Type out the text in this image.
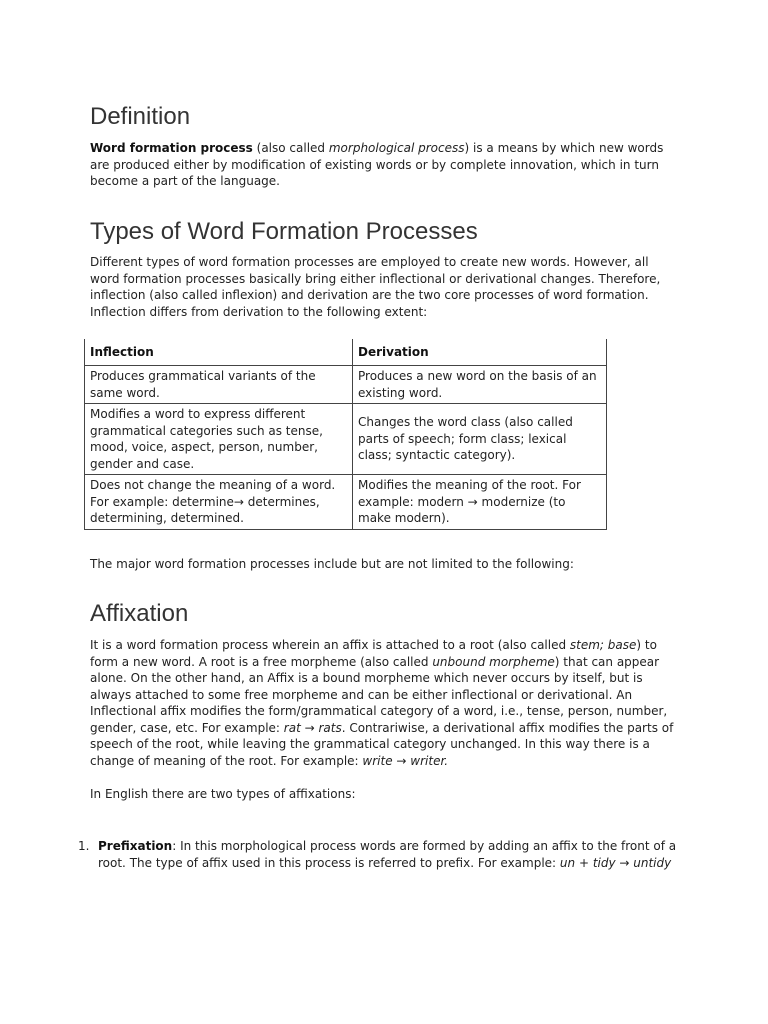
Definition

Word formation process (also called morphological process) is a means by which new words are produced either by modification of existing words or by complete innovation, which in turn become a part of the language.

Types of Word Formation Processes

Different types of word formation processes are employed to create new words. However, all word formation processes basically bring either inflectional or derivational changes. Therefore, inflection (also called inflexion) and derivation are the two core processes of word formation. Inflection differs from derivation to the following extent:

Inflection	Derivation
Produces grammatical variants of the same word.	Produces a new word on the basis of an existing word.
Modifies a word to express different grammatical categories such as tense, mood, voice, aspect, person, number, gender and case.	Changes the word class (also called parts of speech; form class; lexical class; syntactic category).
Does not change the meaning of a word. For example: determine→ determines, determining, determined.	Modifies the meaning of the root. For example: modern → modernize (to make modern).

The major word formation processes include but are not limited to the following:

Affixation

It is a word formation process wherein an affix is attached to a root (also called stem; base) to form a new word. A root is a free morpheme (also called unbound morpheme) that can appear alone. On the other hand, an Affix is a bound morpheme which never occurs by itself, but is always attached to some free morpheme and can be either inflectional or derivational. An Inflectional affix modifies the form/grammatical category of a word, i.e., tense, person, number, gender, case, etc. For example: rat → rats. Contrariwise, a derivational affix modifies the parts of speech of the root, while leaving the grammatical category unchanged. In this way there is a change of meaning of the root. For example: write → writer.

In English there are two types of affixations:

1. Prefixation: In this morphological process words are formed by adding an affix to the front of a root. The type of affix used in this process is referred to prefix. For example: un + tidy → untidy
